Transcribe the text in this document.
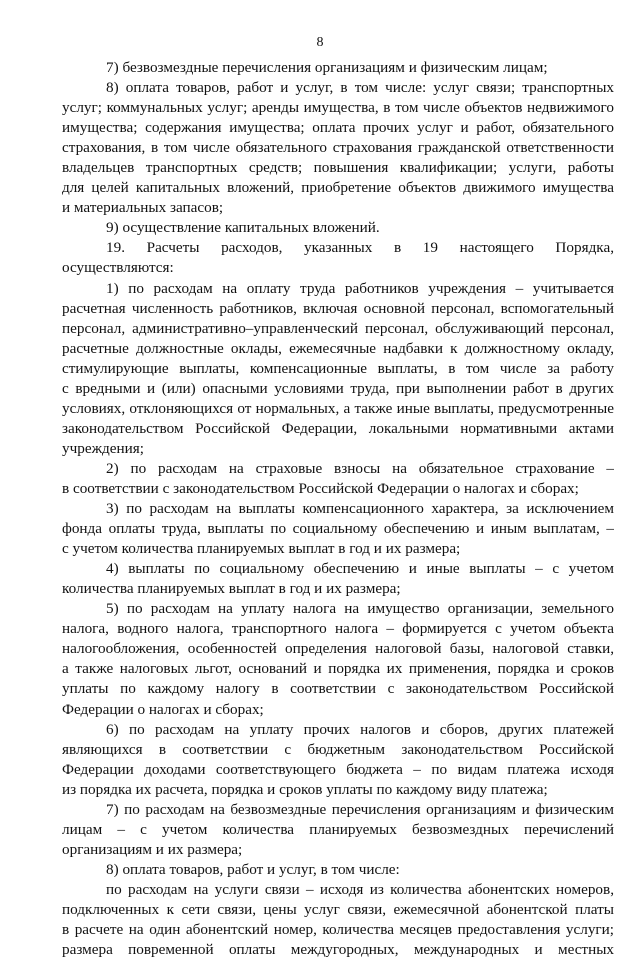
8
7) безвозмездные перечисления организациям и физическим лицам;
8) оплата товаров, работ и услуг, в том числе: услуг связи; транспортных
услуг; коммунальных услуг; аренды имущества, в том числе объектов недвижимого
имущества; содержания имущества; оплата прочих услуг и работ, обязательного
страхования, в том числе обязательного страхования гражданской ответственности
владельцев транспортных средств; повышения квалификации; услуги, работы
для целей капитальных вложений, приобретение объектов движимого имущества
и материальных запасов;
9) осуществление капитальных вложений.
19. Расчеты расходов, указанных в 19 настоящего Порядка,
осуществляются:
1) по расходам на оплату труда работников учреждения – учитывается
расчетная численность работников, включая основной персонал, вспомогательный
персонал, административно–управленческий персонал, обслуживающий персонал,
расчетные должностные оклады, ежемесячные надбавки к должностному окладу,
стимулирующие выплаты, компенсационные выплаты, в том числе за работу
с вредными и (или) опасными условиями труда, при выполнении работ в других
условиях, отклоняющихся от нормальных, а также иные выплаты, предусмотренные
законодательством Российской Федерации, локальными нормативными актами
учреждения;
2) по расходам на страховые взносы на обязательное страхование –
в соответствии с законодательством Российской Федерации о налогах и сборах;
3) по расходам на выплаты компенсационного характера, за исключением
фонда оплаты труда, выплаты по социальному обеспечению и иным выплатам, –
с учетом количества планируемых выплат в год и их размера;
4) выплаты по социальному обеспечению и иные выплаты – с учетом
количества планируемых выплат в год и их размера;
5) по расходам на уплату налога на имущество организации, земельного
налога, водного налога, транспортного налога – формируется с учетом объекта
налогообложения, особенностей определения налоговой базы, налоговой ставки,
а также налоговых льгот, оснований и порядка их применения, порядка и сроков
уплаты по каждому налогу в соответствии с законодательством Российской
Федерации о налогах и сборах;
6) по расходам на уплату прочих налогов и сборов, других платежей
являющихся в соответствии с бюджетным законодательством Российской
Федерации доходами соответствующего бюджета – по видам платежа исходя
из порядка их расчета, порядка и сроков уплаты по каждому виду платежа;
7) по расходам на безвозмездные перечисления организациям и физическим
лицам – с учетом количества планируемых безвозмездных перечислений
организациям и их размера;
8) оплата товаров, работ и услуг, в том числе:
по расходам на услуги связи – исходя из количества абонентских номеров,
подключенных к сети связи, цены услуг связи, ежемесячной абонентской платы
в расчете на один абонентский номер, количества месяцев предоставления услуги;
размера повременной оплаты междугородных, международных и местных
